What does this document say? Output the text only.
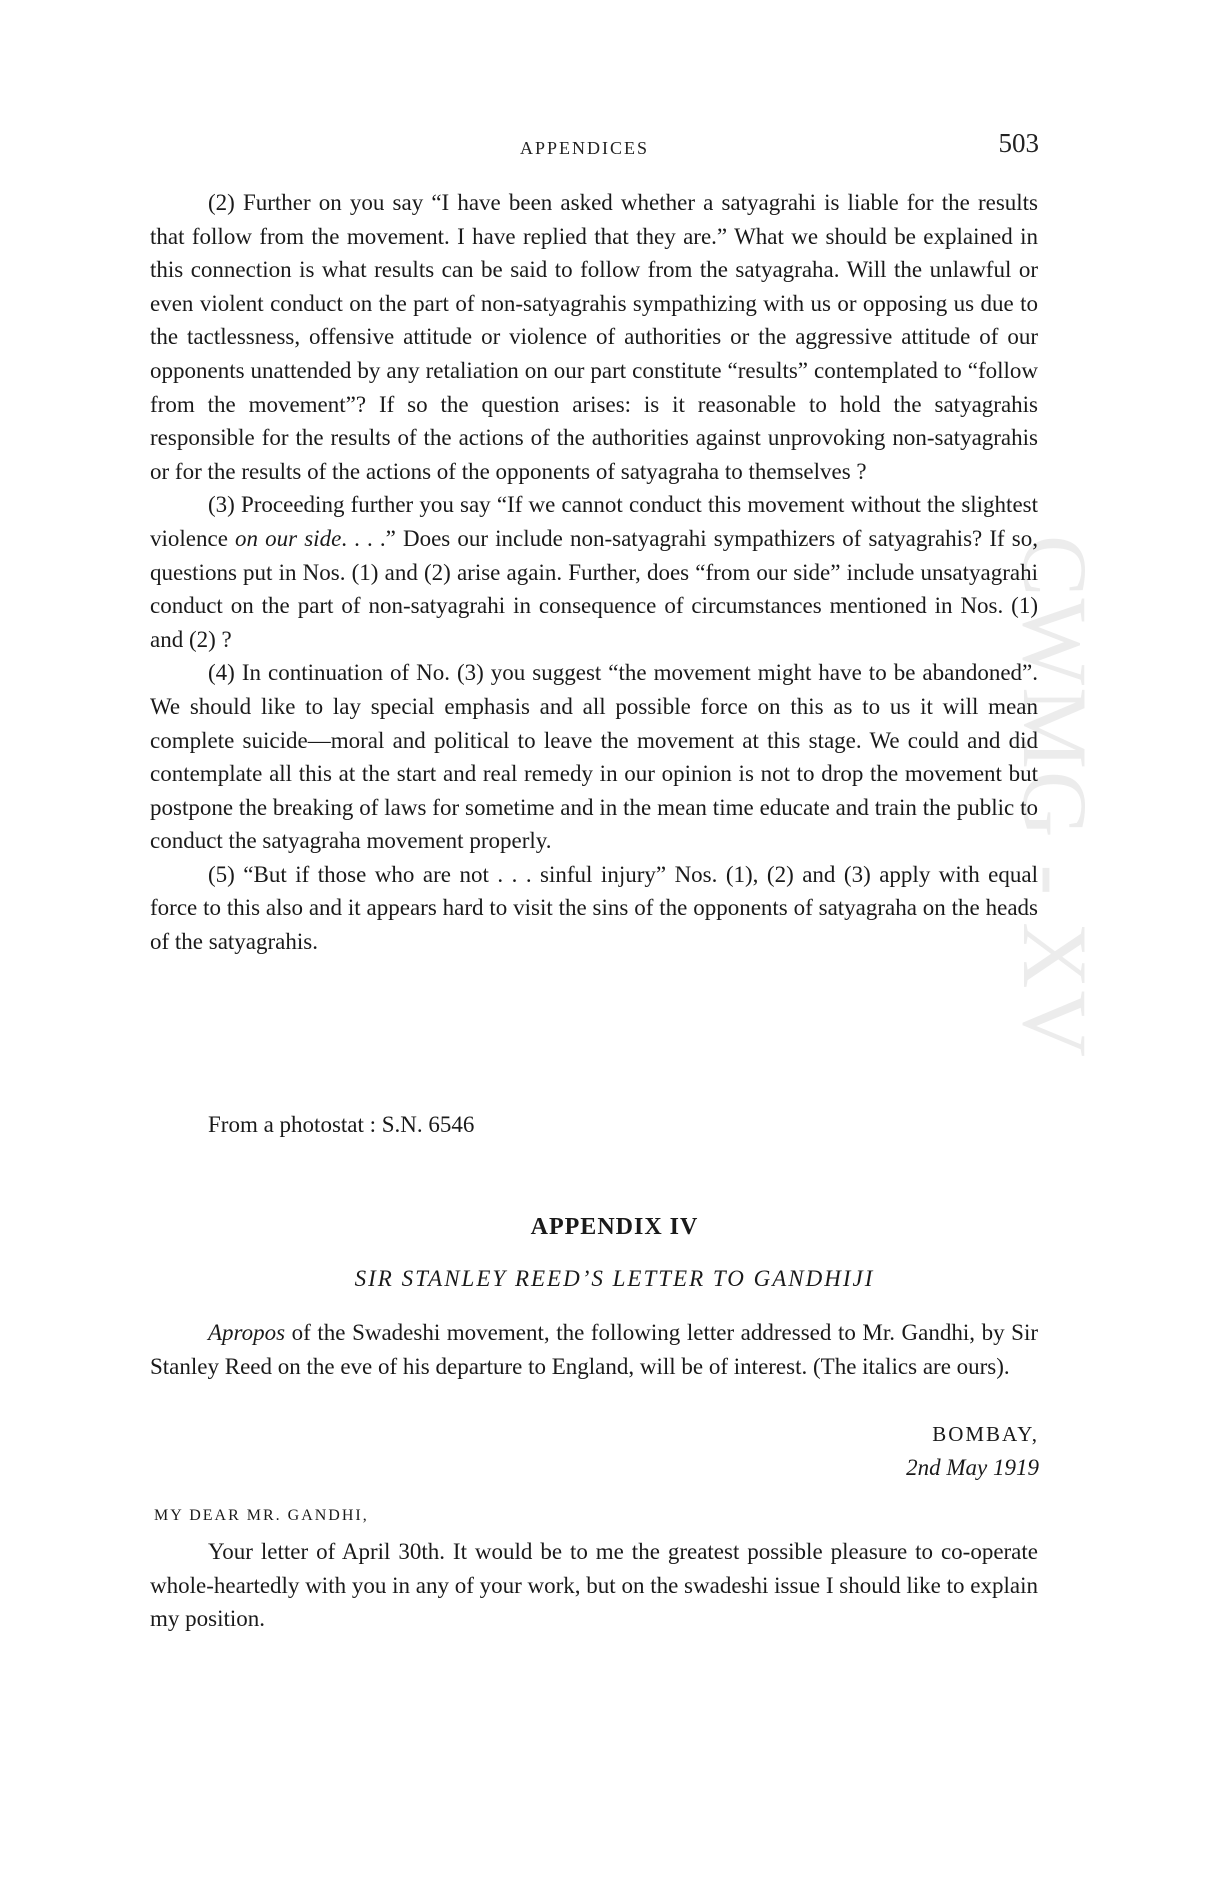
CWMG - XV
APPENDICES	503

(2) Further on you say “I have been asked whether a satyagrahi is liable for the results that follow from the movement. I have replied that they are.” What we should be explained in this connection is what results can be said to follow from the satyagraha. Will the unlawful or even violent conduct on the part of non-satyagrahis sympathizing with us or opposing us due to the tactlessness, offensive attitude or violence of authorities or the aggressive attitude of our opponents unattended by any retaliation on our part constitute “results” contemplated to “follow from the movement”? If so the question arises: is it reasonable to hold the satyagrahis responsible for the results of the actions of the authorities against unprovoking non-satyagrahis or for the results of the actions of the opponents of satyagraha to themselves ?

(3) Proceeding further you say “If we cannot conduct this movement without the slightest violence on our side. . . .” Does our include non-satyagrahi sympathizers of satyagrahis? If so, questions put in Nos. (1) and (2) arise again. Further, does “from our side” include unsatyagrahi conduct on the part of non-satyagrahi in consequence of circumstances mentioned in Nos. (1) and (2) ?

(4) In continuation of No. (3) you suggest “the movement might have to be abandoned”. We should like to lay special emphasis and all possible force on this as to us it will mean complete suicide—moral and political to leave the movement at this stage. We could and did contemplate all this at the start and real remedy in our opinion is not to drop the movement but postpone the breaking of laws for sometime and in the mean time educate and train the public to conduct the satyagraha movement properly.

(5) “But if those who are not . . . sinful injury” Nos. (1), (2) and (3) apply with equal force to this also and it appears hard to visit the sins of the opponents of satyagraha on the heads of the satyagrahis.

From a photostat : S.N. 6546
APPENDIX IV
SIR STANLEY REED’S LETTER TO GANDHIJI

Apropos of the Swadeshi movement, the following letter addressed to Mr. Gandhi, by Sir Stanley Reed on the eve of his departure to England, will be of interest. (The italics are ours).

BOMBAY,
2nd May 1919
MY DEAR MR. GANDHI,

Your letter of April 30th. It would be to me the greatest possible pleasure to co-operate whole-heartedly with you in any of your work, but on the swadeshi issue I should like to explain my position.
